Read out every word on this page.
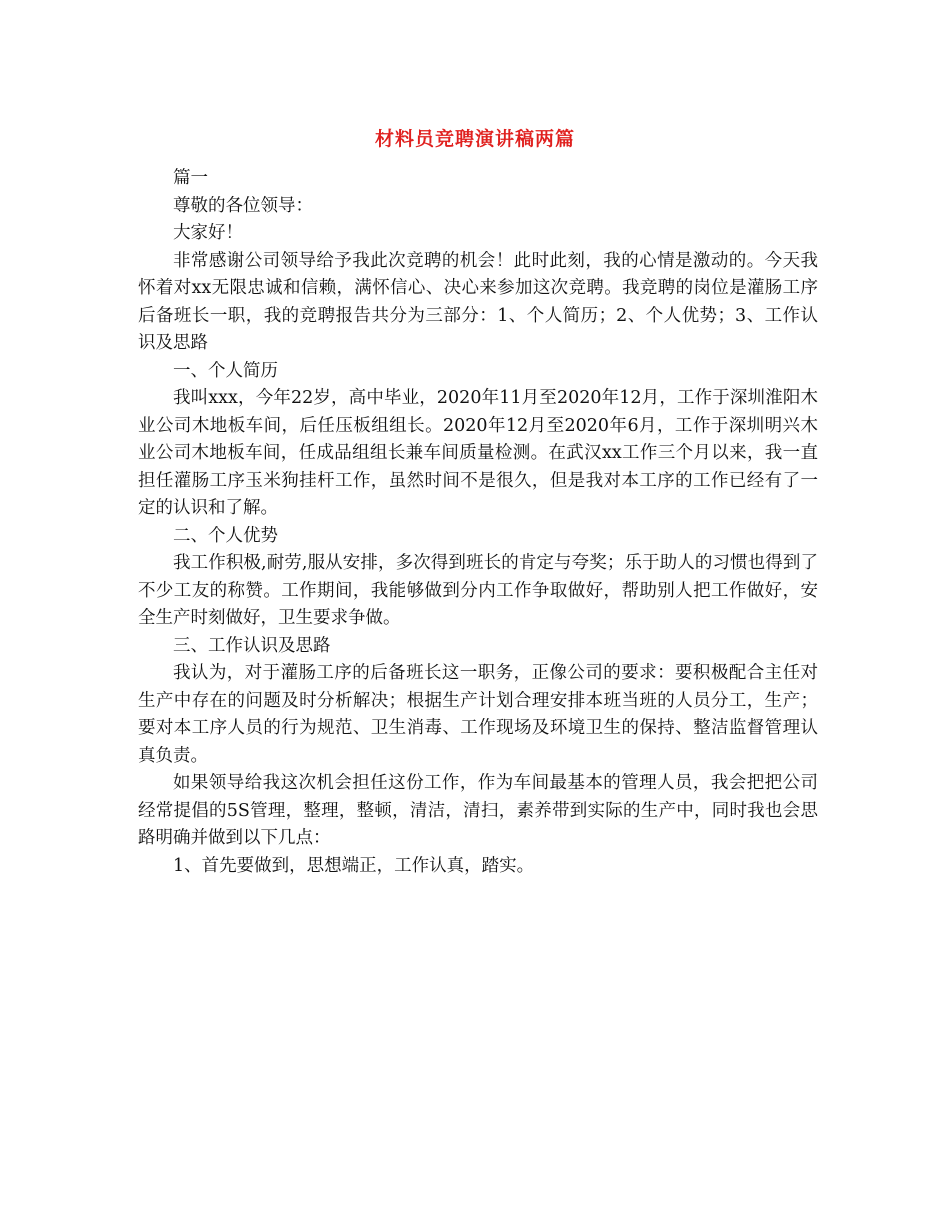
材料员竞聘演讲稿两篇

篇一

尊敬的各位领导：

大家好！

非常感谢公司领导给予我此次竞聘的机会！此时此刻，我的心情是激动的。今天我怀着对xx无限忠诚和信赖，满怀信心、决心来参加这次竞聘。我竞聘的岗位是灌肠工序后备班长一职，我的竞聘报告共分为三部分：1、个人简历；2、个人优势；3、工作认识及思路

一、个人简历

我叫xxx，今年22岁，高中毕业，2020年11月至2020年12月，工作于深圳淮阳木业公司木地板车间，后任压板组组长。2020年12月至2020年6月，工作于深圳明兴木业公司木地板车间，任成品组组长兼车间质量检测。在武汉xx工作三个月以来，我一直担任灌肠工序玉米狗挂杆工作，虽然时间不是很久，但是我对本工序的工作已经有了一定的认识和了解。

二、个人优势

我工作积极,耐劳,服从安排，多次得到班长的肯定与夸奖；乐于助人的习惯也得到了不少工友的称赞。工作期间，我能够做到分内工作争取做好，帮助别人把工作做好，安全生产时刻做好，卫生要求争做。

三、工作认识及思路

我认为，对于灌肠工序的后备班长这一职务，正像公司的要求：要积极配合主任对生产中存在的问题及时分析解决；根据生产计划合理安排本班当班的人员分工，生产；要对本工序人员的行为规范、卫生消毒、工作现场及环境卫生的保持、整洁监督管理认真负责。

如果领导给我这次机会担任这份工作，作为车间最基本的管理人员，我会把把公司经常提倡的5S管理，整理，整顿，清洁，清扫，素养带到实际的生产中，同时我也会思路明确并做到以下几点：

1、首先要做到，思想端正，工作认真，踏实。
